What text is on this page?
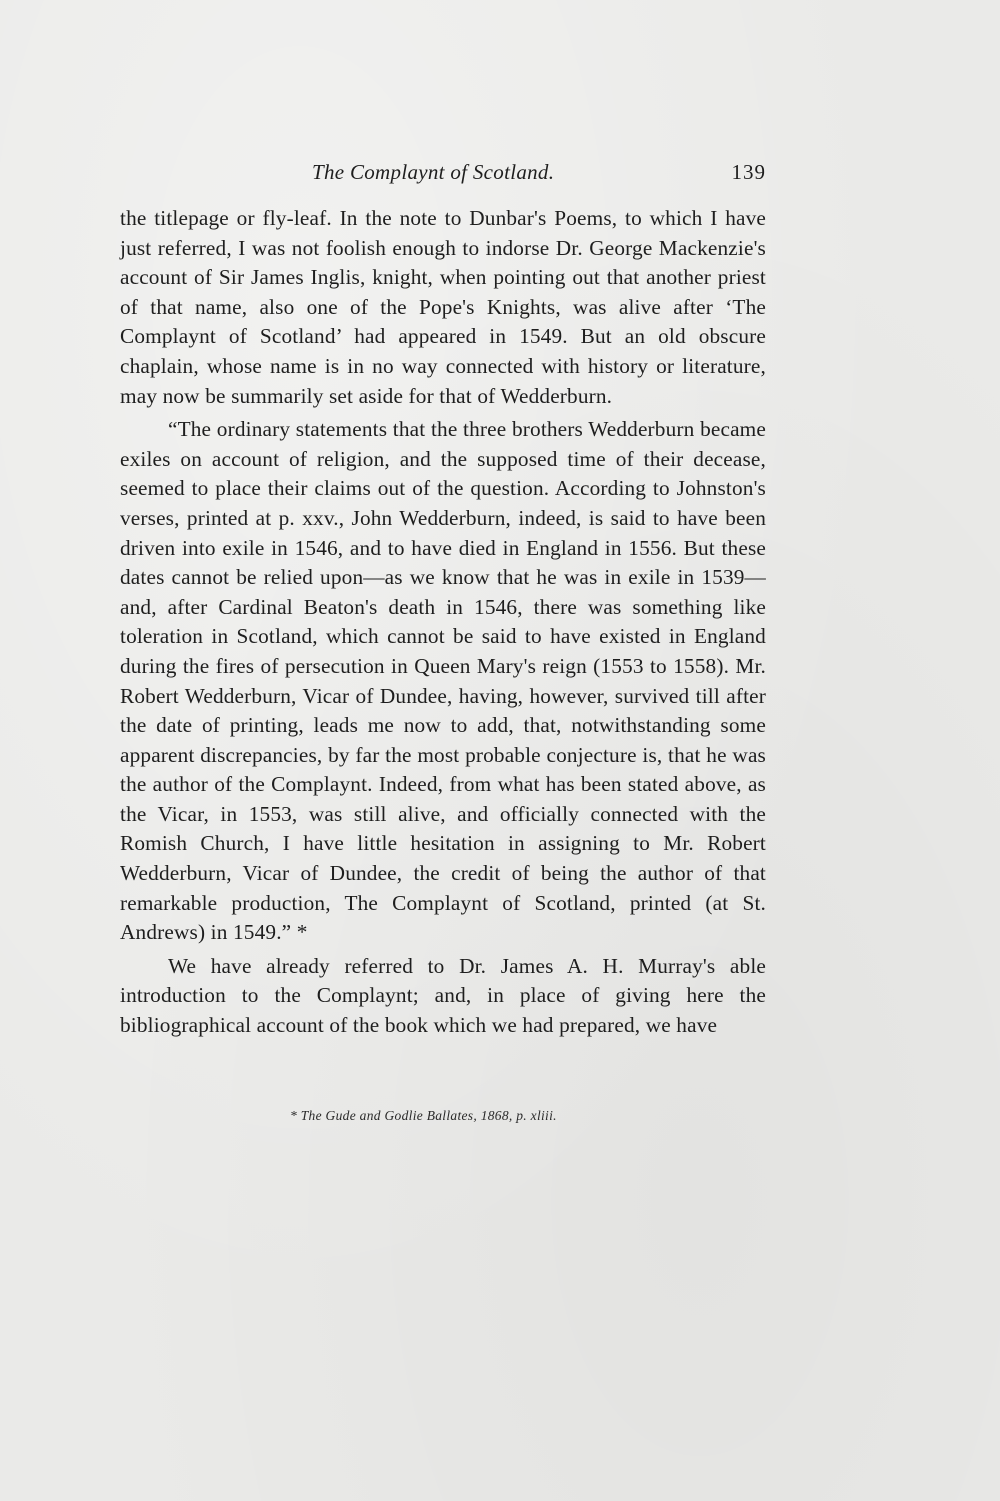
The Complaynt of Scotland.	139

the titlepage or fly-leaf. In the note to Dunbar's Poems, to which I have just referred, I was not foolish enough to indorse Dr. George Mackenzie's account of Sir James Inglis, knight, when pointing out that another priest of that name, also one of the Pope's Knights, was alive after ‘The Complaynt of Scotland’ had appeared in 1549. But an old obscure chaplain, whose name is in no way connected with history or literature, may now be summarily set aside for that of Wedderburn.

“The ordinary statements that the three brothers Wedderburn became exiles on account of religion, and the supposed time of their decease, seemed to place their claims out of the question. According to Johnston's verses, printed at p. xxv., John Wedderburn, indeed, is said to have been driven into exile in 1546, and to have died in England in 1556. But these dates cannot be relied upon—as we know that he was in exile in 1539—and, after Cardinal Beaton's death in 1546, there was something like toleration in Scotland, which cannot be said to have existed in England during the fires of persecution in Queen Mary's reign (1553 to 1558). Mr. Robert Wedderburn, Vicar of Dundee, having, however, survived till after the date of printing, leads me now to add, that, notwithstanding some apparent discrepancies, by far the most probable conjecture is, that he was the author of the Complaynt. Indeed, from what has been stated above, as the Vicar, in 1553, was still alive, and officially connected with the Romish Church, I have little hesitation in assigning to Mr. Robert Wedderburn, Vicar of Dundee, the credit of being the author of that remarkable production, The Complaynt of Scotland, printed (at St. Andrews) in 1549.” *

We have already referred to Dr. James A. H. Murray's able introduction to the Complaynt; and, in place of giving here the bibliographical account of the book which we had prepared, we have

* The Gude and Godlie Ballates, 1868, p. xliii.
